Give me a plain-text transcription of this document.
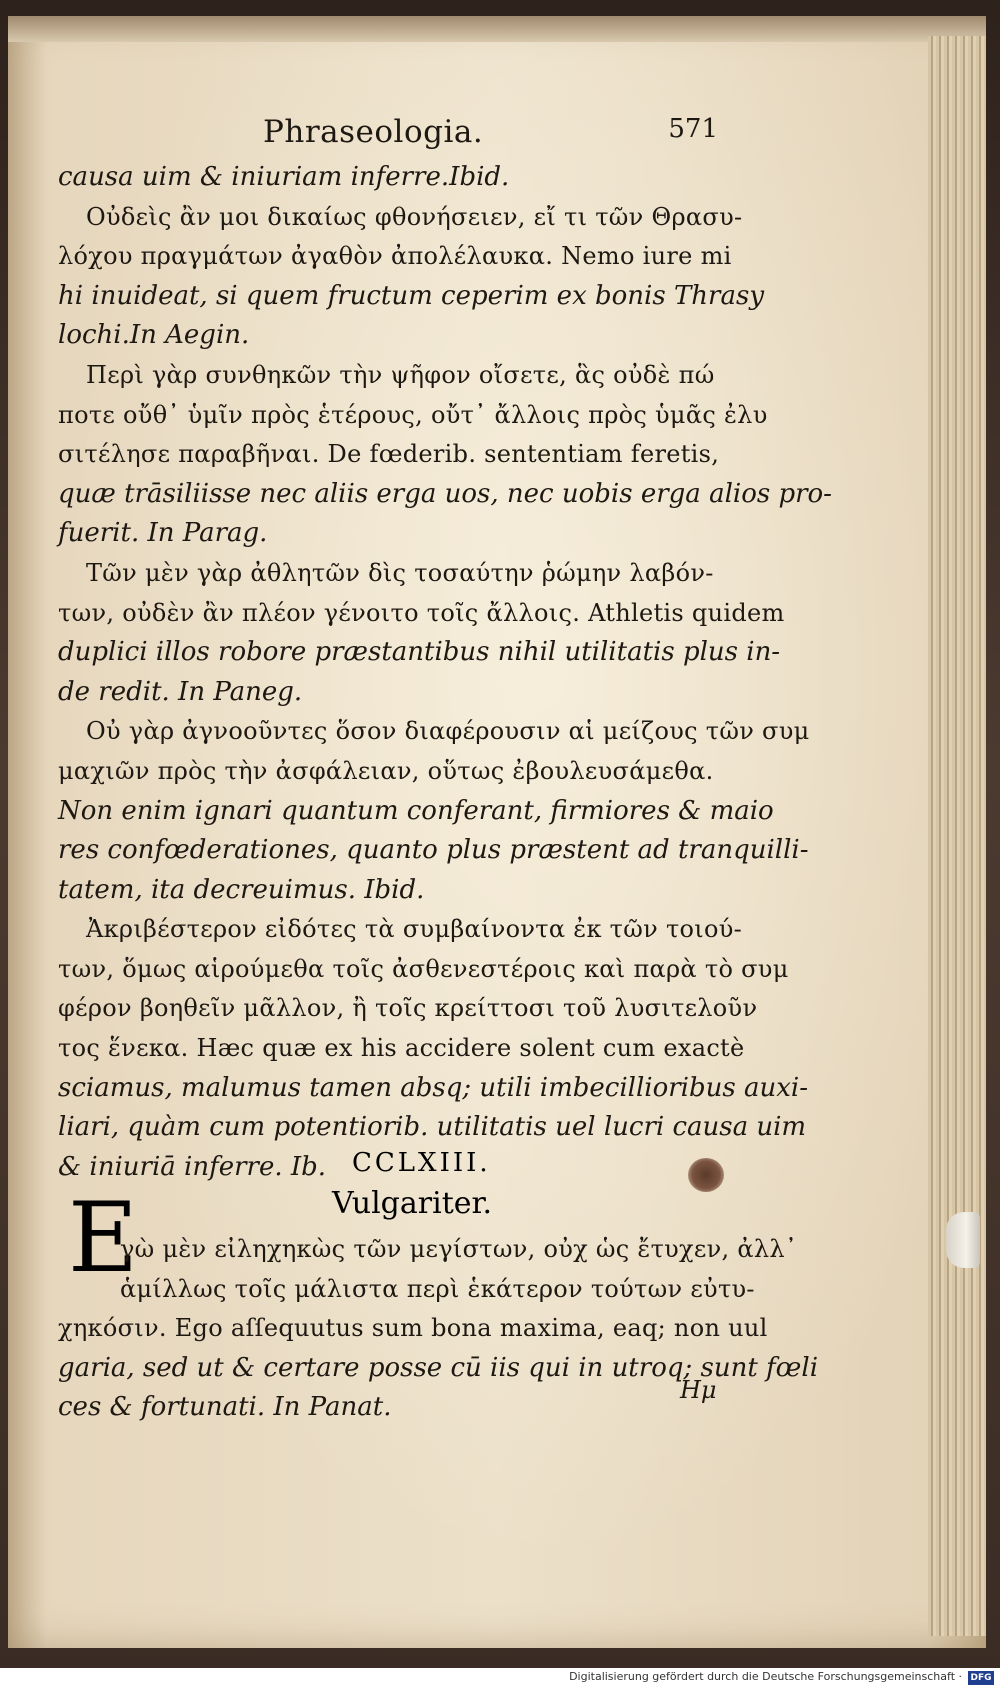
Phraseologia.	571
causa uim & iniuriam inferre.Ibid.
Οὐδεὶς ἂν μοι δικαίως φθονήσειεν, εἴ τι τῶν Θρασυ-
λόχου πραγμάτων ἀγαθὸν ἀπολέλαυκα. Nemo iure mi
hi inuideat, si quem fructum ceperim ex bonis Thrasy
lochi.In Aegin.
Περὶ γὰρ συνθηκῶν τὴν ψῆφον οἴσετε, ἃς οὐδὲ πώ
ποτε οὔθ᾽ ὑμῖν πρὸς ἑτέρους, οὔτ᾽ ἄλλοις πρὸς ὑμᾶς ἐλυ
σιτέλησε παραβῆναι. De fœderib. sententiam feretis,
quæ trāsiliisse nec aliis erga uos, nec uobis erga alios pro-
fuerit. In Parag.
Τῶν μὲν γὰρ ἀθλητῶν δὶς τοσαύτην ῥώμην λαβόν-
των, οὐδὲν ἂν πλέον γένοιτο τοῖς ἄλλοις. Athletis quidem
duplici illos robore præstantibus nihil utilitatis plus in-
de redit. In Paneg.
Οὐ γὰρ ἀγνοοῦντες ὅσον διαφέρουσιν αἱ μείζους τῶν συμ
μαχιῶν πρὸς τὴν ἀσφάλειαν, οὕτως ἐβουλευσάμεθα.
Non enim ignari quantum conferant, firmiores & maio
res confœderationes, quanto plus præstent ad tranquilli-
tatem, ita decreuimus. Ibid.
Ἀκριβέστερον εἰδότες τὰ συμβαίνοντα ἐκ τῶν τοιού-
των, ὅμως αἱρούμεθα τοῖς ἀσθενεστέροις καὶ παρὰ τὸ συμ
φέρον βοηθεῖν μᾶλλον, ἢ τοῖς κρείττοσι τοῦ λυσιτελοῦν
τος ἕνεκα. Hæc quæ ex his accidere solent cum exactè
sciamus, malumus tamen absq; utili imbecillioribus auxi-
liari, quàm cum potentiorib. utilitatis uel lucri causa uim
& iniuriā inferre. Ib. CCLXIII.
Vulgariter.
E
γὼ μὲν εἰληχηκὼς τῶν μεγίστων, οὐχ ὡς ἔτυχεν, ἀλλ᾽
ἁμίλλως τοῖς μάλιστα περὶ ἑκάτερον τούτων εὐτυ-
χηκόσιν. Ego aſſequutus sum bona maxima, eaq; non uul
garia, sed ut & certare posse cū iis qui in utroq; sunt fœli
ces & fortunati. In Panat.
Hμ
Digitalisierung gefördert durch die Deutsche Forschungsgemeinschaft · DFG
